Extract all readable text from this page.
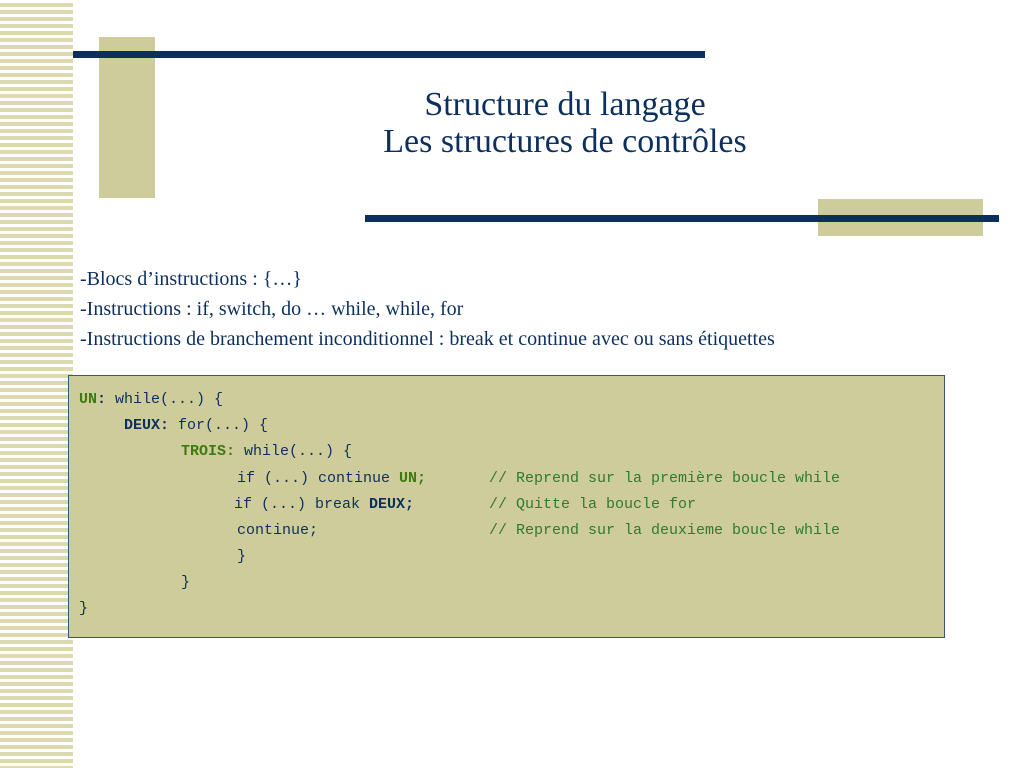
Structure du langage
Les structures de contrôles
-Blocs d’instructions : {…}
-Instructions : if, switch, do … while, while, for
-Instructions de branchement inconditionnel : break et continue avec ou sans étiquettes
UN: while(...) {
DEUX: for(...) {
TROIS: while(...) {
if (...) continue UN;	// Reprend sur la première boucle while
if (...) break DEUX;	// Quitte la boucle for
continue;	// Reprend sur la deuxieme boucle while
}
}
}
